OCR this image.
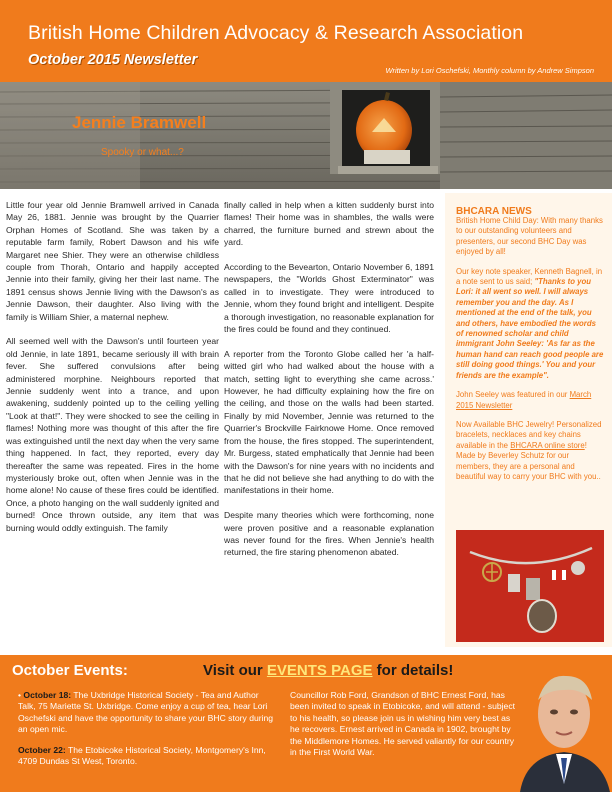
British Home Children Advocacy & Research Association
October 2015 Newsletter
Written by Lori Oschefski, Monthly column by Andrew Simpson
Jennie Bramwell
Spooky or what...?

Little four year old Jennie Bramwell arrived in Canada May 26, 1881. Jennie was brought by the Quarrier Orphan Homes of Scotland. She was taken by a reputable farm family, Robert Dawson and his wife Margaret nee Shier. They were an otherwise childless couple from Thorah, Ontario and happily accepted Jennie into their family, giving her their last name. The 1891 census shows Jennie living with the Dawson's as Jennie Dawson, their daughter. Also living with the family is William Shier, a maternal nephew.

All seemed well with the Dawson's until fourteen year old Jennie, in late 1891, became seriously ill with brain fever. She suffered convulsions after being administered morphine. Neighbours reported that Jennie suddenly went into a trance, and upon awakening, suddenly pointed up to the ceiling yelling "Look at that!". They were shocked to see the ceiling in flames! Nothing more was thought of this after the fire was extinguished until the next day when the very same thing happened. In fact, they reported, every day thereafter the same was repeated. Fires in the home mysteriously broke out, often when Jennie was in the home alone! No cause of these fires could be identified. Once, a photo hanging on the wall suddenly ignited and burned! Once thrown outside, any item that was burning would oddly extinguish. The family

finally called in help when a kitten suddenly burst into flames! Their home was in shambles, the walls were charred, the furniture burned and strewn about the yard.

According to the Bevearton, Ontario November 6, 1891 newspapers, the "Worlds Ghost Exterminator" was called in to investigate. They were introduced to Jennie, whom they found bright and intelligent. Despite a thorough investigation, no reasonable explanation for the fires could be found and they continued.

A reporter from the Toronto Globe called her 'a half-witted girl who had walked about the house with a match, setting light to everything she came across.' However, he had difficulty explaining how the fire on the ceiling, and those on the walls had been started. Finally by mid November, Jennie was returned to the Quarrier's Brockville Fairknowe Home. Once removed from the house, the fires stopped. The superintendent, Mr. Burgess, stated emphatically that Jennie had been with the Dawson's for nine years with no incidents and that he did not believe she had anything to do with the manifestations in their home.

Despite many theories which were forthcoming, none were proven positive and a reasonable explanation was never found for the fires. When Jennie's health returned, the fire staring phenomenon abated.

BHCARA NEWS

British Home Child Day: With many thanks to our outstanding volunteers and presenters, our second BHC Day was enjoyed by all!

Our key note speaker, Kenneth Bagnell, in a note sent to us said; "Thanks to you Lori: it all went so well. I will always remember you and the day. As I mentioned at the end of the talk, you and others, have embodied the words of renowned scholar and child immigrant John Seeley: 'As far as the human hand can reach good people are still doing good things.' You and your friends are the example".

John Seeley was featured in our March 2015 Newsletter

Now Available BHC Jewelry! Personalized bracelets, necklaces and key chains available in the BHCARA online store! Made by Beverley Schutz for our members, they are a personal and beautiful way to carry your BHC with you..

October Events:	Visit our EVENTS PAGE for details!

• October 18: The Uxbridge Historical Society - Tea and Author Talk, 75 Mariette St. Uxbridge. Come enjoy a cup of tea, hear Lori Oschefski and have the opportunity to share your BHC story during an open mic.

October 22: The Etobicoke Historical Society, Montgomery's Inn, 4709 Dundas St West, Toronto.

Councillor Rob Ford, Grandson of BHC Ernest Ford, has been invited to speak in Etobicoke, and will attend - subject to his health, so please join us in wishing him very best as he recovers. Ernest arrived in Canada in 1902, brought by the Middlemore Homes. He served valiantly for our country in the First World War.
